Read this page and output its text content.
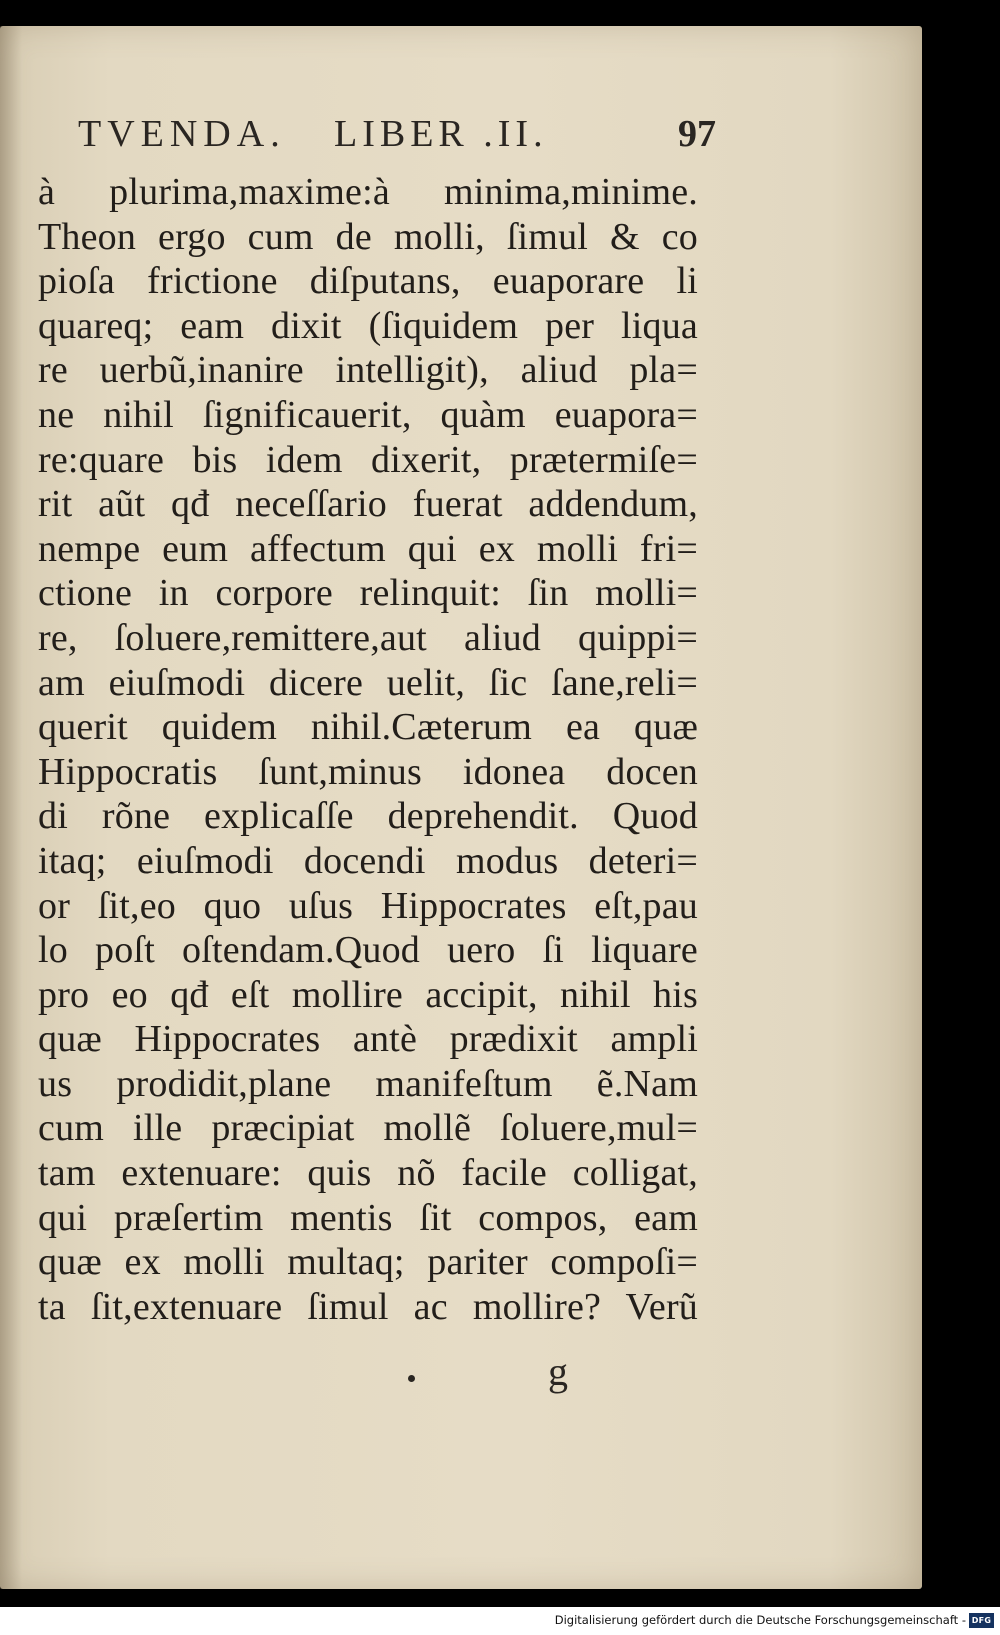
TVENDA. LIBER .II.	97
à plurima,maxime:à minima,minime.
Theon ergo cum de molli, ſimul & co
pioſa frictione diſputans, euaporare li
quareq; eam dixit (ſiquidem per liqua
re uerbũ,inanire intelligit), aliud pla=
ne nihil ſignificauerit, quàm euapora=
re:quare bis idem dixerit, prætermiſe=
rit aũt qđ neceſſario fuerat addendum,
nempe eum affectum qui ex molli fri=
ctione in corpore relinquit: ſin molli=
re, ſoluere,remittere,aut aliud quippi=
am eiuſmodi dicere uelit, ſic ſane,reli=
querit quidem nihil.Cæterum ea quæ
Hippocratis ſunt,minus idonea docen
di rõne explicaſſe deprehendit. Quod
itaq; eiuſmodi docendi modus deteri=
or ſit,eo quo uſus Hippocrates eſt,pau
lo poſt oſtendam.Quod uero ſi liquare
pro eo qđ eſt mollire accipit, nihil his
quæ Hippocrates antè prædixit ampli
us prodidit,plane manifeſtum ẽ.Nam
cum ille præcipiat mollẽ ſoluere,mul=
tam extenuare: quis nõ facile colligat,
qui præſertim mentis ſit compos, eam
quæ ex molli multaq; pariter compoſi=
ta ſit,extenuare ſimul ac mollire? Verũ
g
Digitalisierung gefördert durch die Deutsche Forschungsgemeinschaft - DFG
